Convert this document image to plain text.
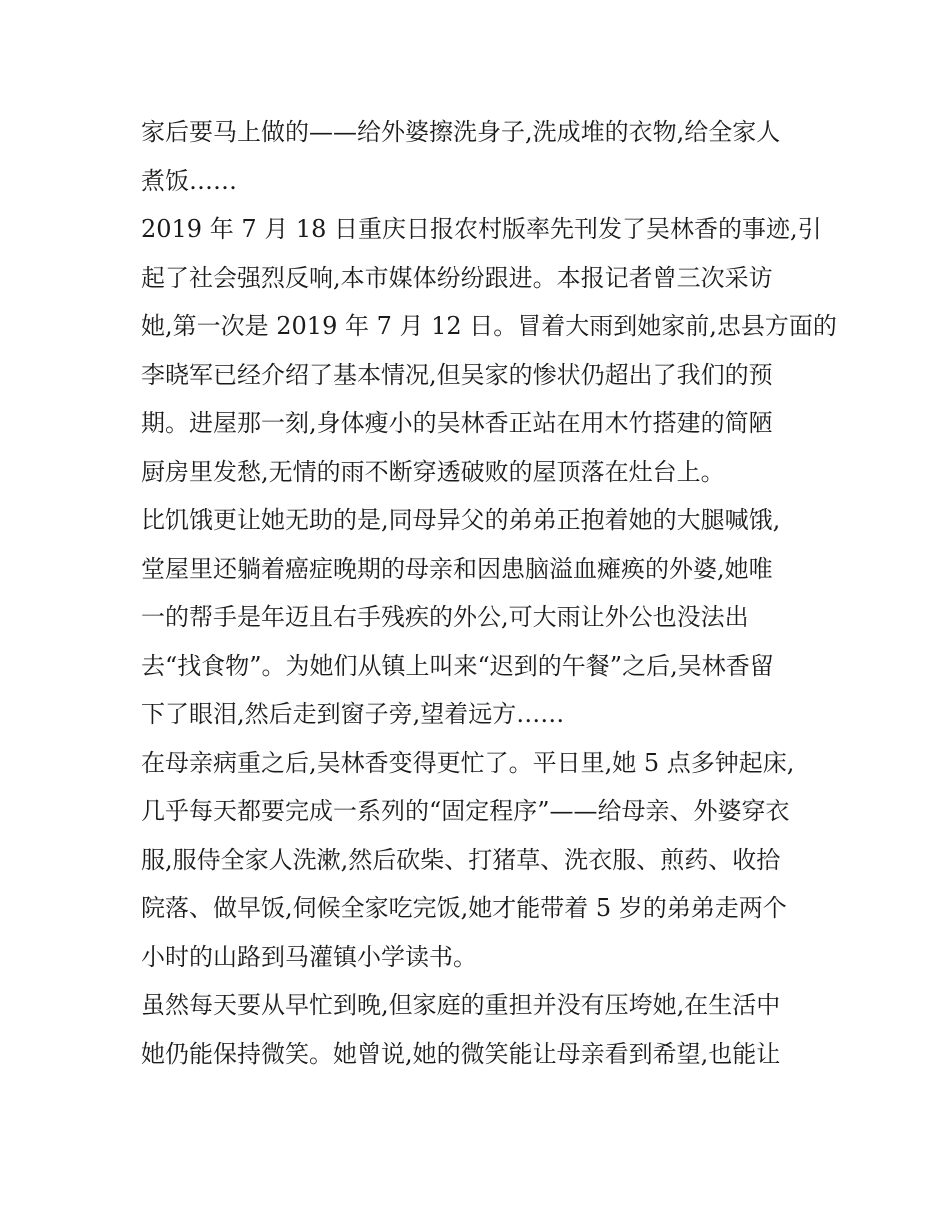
家后要马上做的——给外婆擦洗身子,洗成堆的衣物,给全家人
煮饭……
2019 年 7 月 18 日重庆日报农村版率先刊发了吴林香的事迹,引
起了社会强烈反响,本市媒体纷纷跟进。本报记者曾三次采访
她,第一次是 2019 年 7 月 12 日。冒着大雨到她家前,忠县方面的
李晓军已经介绍了基本情况,但吴家的惨状仍超出了我们的预
期。进屋那一刻,身体瘦小的吴林香正站在用木竹搭建的简陋
厨房里发愁,无情的雨不断穿透破败的屋顶落在灶台上。
比饥饿更让她无助的是,同母异父的弟弟正抱着她的大腿喊饿,
堂屋里还躺着癌症晚期的母亲和因患脑溢血瘫痪的外婆,她唯
一的帮手是年迈且右手残疾的外公,可大雨让外公也没法出
去“找食物”。为她们从镇上叫来“迟到的午餐”之后,吴林香留
下了眼泪,然后走到窗子旁,望着远方……
在母亲病重之后,吴林香变得更忙了。平日里,她 5 点多钟起床,
几乎每天都要完成一系列的“固定程序”——给母亲、外婆穿衣
服,服侍全家人洗漱,然后砍柴、打猪草、洗衣服、煎药、收拾
院落、做早饭,伺候全家吃完饭,她才能带着 5 岁的弟弟走两个
小时的山路到马灌镇小学读书。
虽然每天要从早忙到晚,但家庭的重担并没有压垮她,在生活中
她仍能保持微笑。她曾说,她的微笑能让母亲看到希望,也能让
